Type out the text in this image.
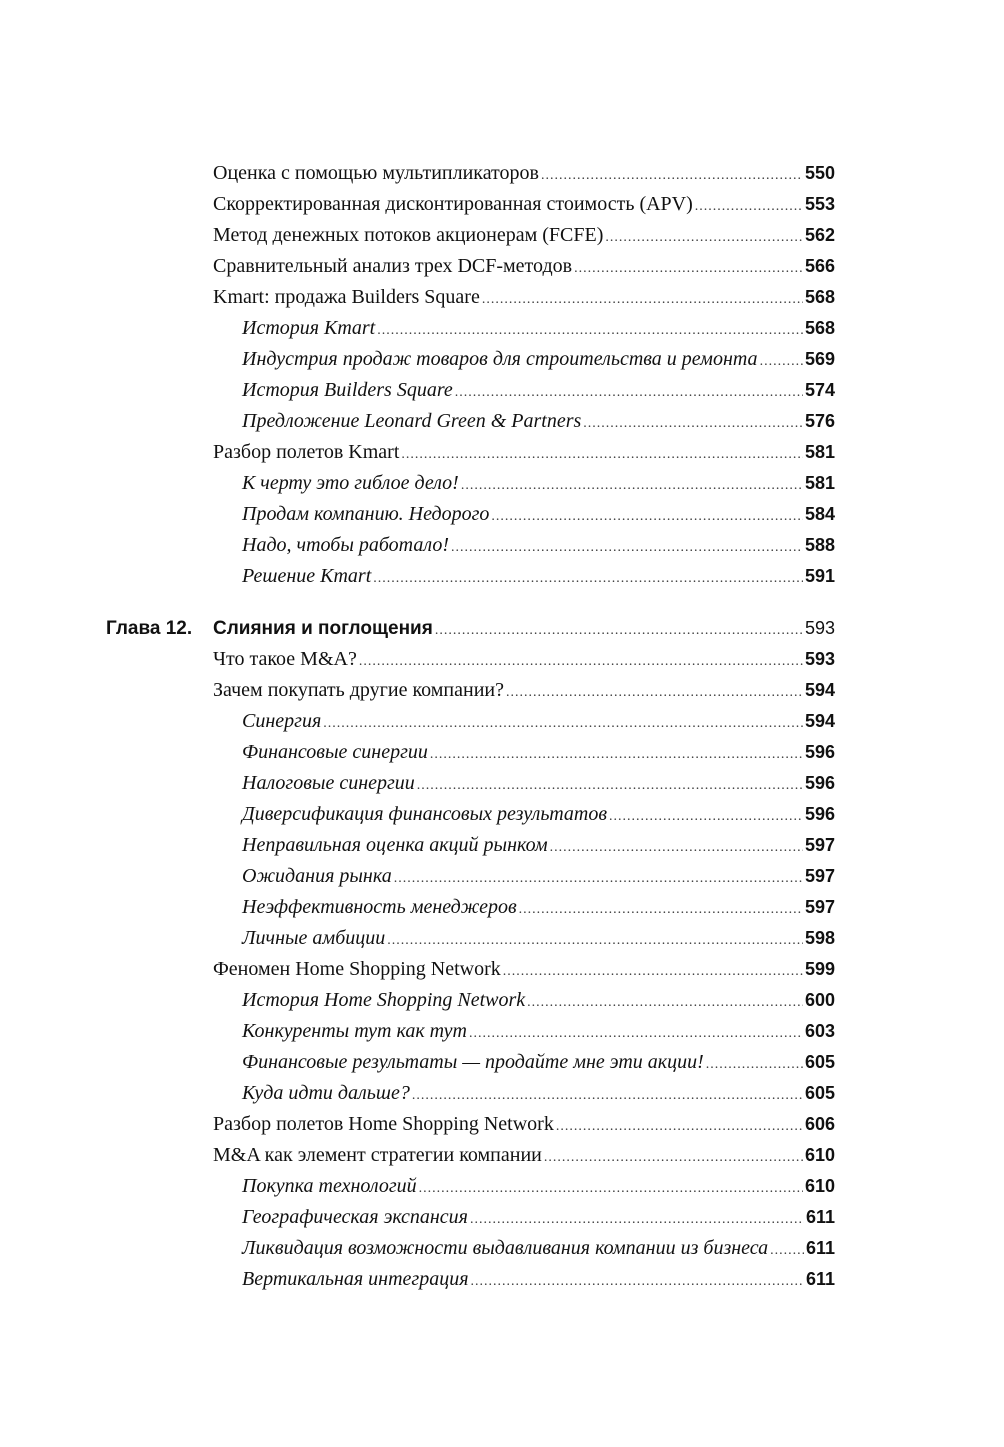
Оценка с помощью мультипликаторов .....	550
Скорректированная дисконтированная стоимость (APV) .....	553
Метод денежных потоков акционерам (FCFE) .....	562
Сравнительный анализ трех DCF-методов .....	566
Kmart: продажа Builders Square .....	568
История Kmart .....	568
Индустрия продаж товаров для строительства и ремонта .....	569
История Builders Square .....	574
Предложение Leonard Green & Partners .....	576
Разбор полетов Kmart .....	581
К черту это гиблое дело! .....	581
Продам компанию. Недорого .....	584
Надо, чтобы работало! .....	588
Решение Kmart .....	591
Глава 12.	Слияния и поглощения .....	593
Что такое M&A? .....	593
Зачем покупать другие компании? .....	594
Синергия .....	594
Финансовые синергии .....	596
Налоговые синергии .....	596
Диверсификация финансовых результатов .....	596
Неправильная оценка акций рынком .....	597
Ожидания рынка .....	597
Неэффективность менеджеров .....	597
Личные амбиции .....	598
Феномен Home Shopping Network .....	599
История Home Shopping Network .....	600
Конкуренты тут как тут .....	603
Финансовые результаты — продайте мне эти акции! .....	605
Куда идти дальше? .....	605
Разбор полетов Home Shopping Network .....	606
M&A как элемент стратегии компании .....	610
Покупка технологий .....	610
Географическая экспансия .....	611
Ликвидация возможности выдавливания компании из бизнеса ..... 611
Вертикальная интеграция .....	611
